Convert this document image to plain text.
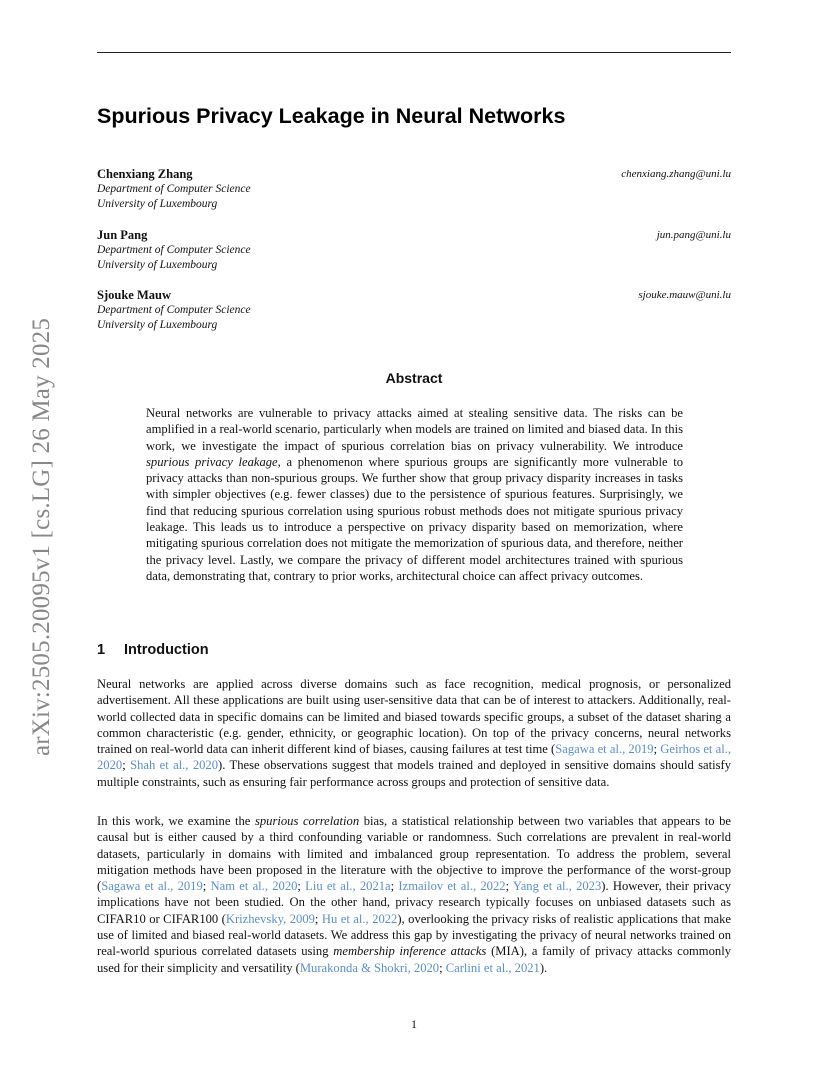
arXiv:2505.20095v1 [cs.LG] 26 May 2025
Spurious Privacy Leakage in Neural Networks
Chenxiang Zhang
Department of Computer Science
University of Luxembourg
chenxiang.zhang@uni.lu
Jun Pang
Department of Computer Science
University of Luxembourg
jun.pang@uni.lu
Sjouke Mauw
Department of Computer Science
University of Luxembourg
sjouke.mauw@uni.lu
Abstract

Neural networks are vulnerable to privacy attacks aimed at stealing sensitive data. The risks can be amplified in a real-world scenario, particularly when models are trained on limited and biased data. In this work, we investigate the impact of spurious correlation bias on privacy vulnerability. We introduce spurious privacy leakage, a phenomenon where spurious groups are significantly more vulnerable to privacy attacks than non-spurious groups. We further show that group privacy disparity increases in tasks with simpler objectives (e.g. fewer classes) due to the persistence of spurious features. Surprisingly, we find that reducing spurious correlation using spurious robust methods does not mitigate spurious privacy leakage. This leads us to introduce a perspective on privacy disparity based on memorization, where mitigating spurious correlation does not mitigate the memorization of spurious data, and therefore, neither the privacy level. Lastly, we compare the privacy of different model architectures trained with spurious data, demonstrating that, contrary to prior works, architectural choice can affect privacy outcomes.

1 Introduction

Neural networks are applied across diverse domains such as face recognition, medical prognosis, or personalized advertisement. All these applications are built using user-sensitive data that can be of interest to attackers. Additionally, real-world collected data in specific domains can be limited and biased towards specific groups, a subset of the dataset sharing a common characteristic (e.g. gender, ethnicity, or geographic location). On top of the privacy concerns, neural networks trained on real-world data can inherit different kind of biases, causing failures at test time (Sagawa et al., 2019; Geirhos et al., 2020; Shah et al., 2020). These observations suggest that models trained and deployed in sensitive domains should satisfy multiple constraints, such as ensuring fair performance across groups and protection of sensitive data.

In this work, we examine the spurious correlation bias, a statistical relationship between two variables that appears to be causal but is either caused by a third confounding variable or randomness. Such correlations are prevalent in real-world datasets, particularly in domains with limited and imbalanced group representation. To address the problem, several mitigation methods have been proposed in the literature with the objective to improve the performance of the worst-group (Sagawa et al., 2019; Nam et al., 2020; Liu et al., 2021a; Izmailov et al., 2022; Yang et al., 2023). However, their privacy implications have not been studied. On the other hand, privacy research typically focuses on unbiased datasets such as CIFAR10 or CIFAR100 (Krizhevsky, 2009; Hu et al., 2022), overlooking the privacy risks of realistic applications that make use of limited and biased real-world datasets. We address this gap by investigating the privacy of neural networks trained on real-world spurious correlated datasets using membership inference attacks (MIA), a family of privacy attacks commonly used for their simplicity and versatility (Murakonda & Shokri, 2020; Carlini et al., 2021).

1
